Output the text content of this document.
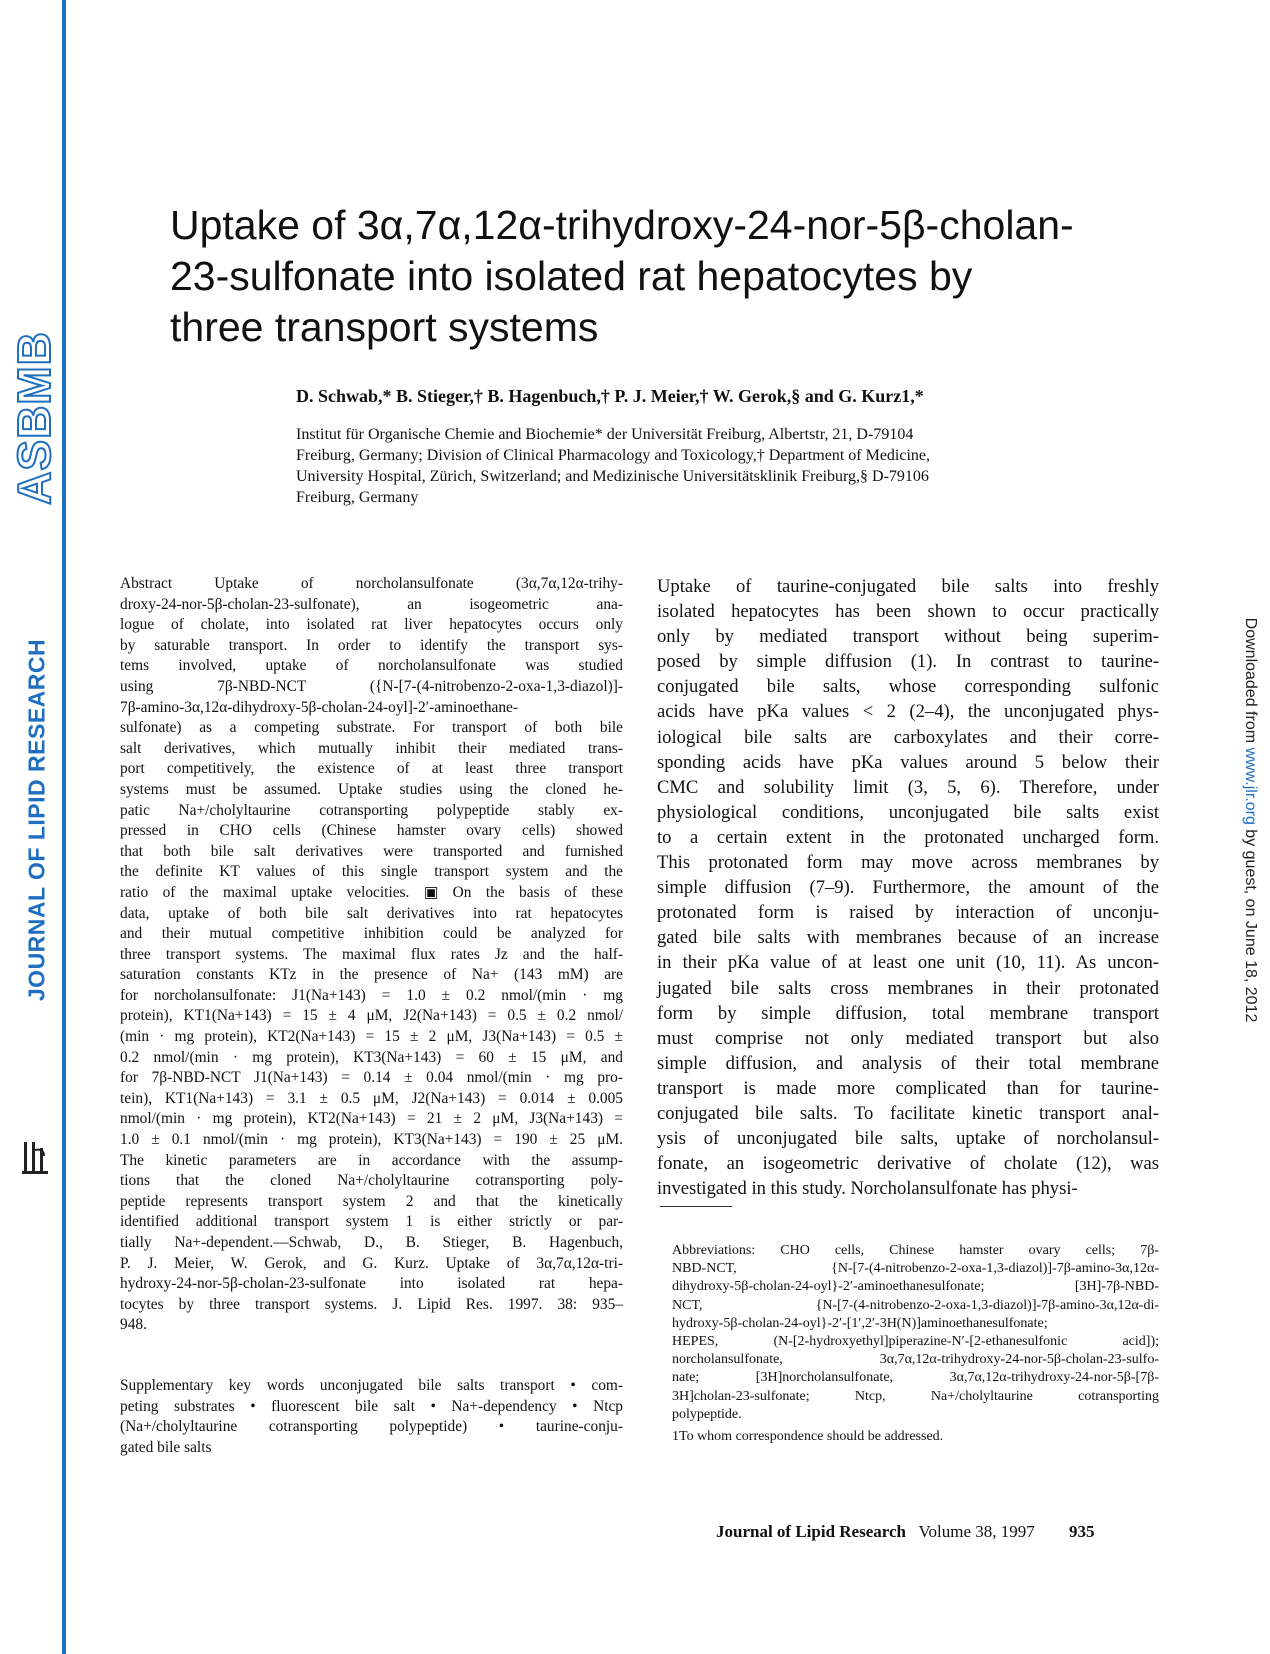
ASBMB
JOURNAL OF LIPID RESEARCH	Downloaded from www.jlr.org by guest, on June 18, 2012
Uptake of 3α,7α,12α-trihydroxy-24-nor-5β-cholan-
23-sulfonate into isolated rat hepatocytes by
three transport systems
D. Schwab,* B. Stieger,† B. Hagenbuch,† P. J. Meier,† W. Gerok,§ and G. Kurz1,*
Institut für Organische Chemie and Biochemie* der Universität Freiburg, Albertstr, 21, D-79104
Freiburg, Germany; Division of Clinical Pharmacology and Toxicology,† Department of Medicine,
University Hospital, Zürich, Switzerland; and Medizinische Universitätsklinik Freiburg,§ D-79106
Freiburg, Germany
Abstract Uptake of norcholansulfonate (3α,7α,12α-trihy-
droxy-24-nor-5β-cholan-23-sulfonate), an isogeometric ana-
logue of cholate, into isolated rat liver hepatocytes occurs only
by saturable transport. In order to identify the transport sys-
tems involved, uptake of norcholansulfonate was studied
using 7β-NBD-NCT ({N-[7-(4-nitrobenzo-2-oxa-1,3-diazol)]-
7β-amino-3α,12α-dihydroxy-5β-cholan-24-oyl]-2′-aminoethane-
sulfonate) as a competing substrate. For transport of both bile
salt derivatives, which mutually inhibit their mediated trans-
port competitively, the existence of at least three transport
systems must be assumed. Uptake studies using the cloned he-
patic Na+/cholyltaurine cotransporting polypeptide stably ex-
pressed in CHO cells (Chinese hamster ovary cells) showed
that both bile salt derivatives were transported and furnished
the definite KT values of this single transport system and the
ratio of the maximal uptake velocities. ▣ On the basis of these
data, uptake of both bile salt derivatives into rat hepatocytes
and their mutual competitive inhibition could be analyzed for
three transport systems. The maximal flux rates Jz and the half-
saturation constants KTz in the presence of Na+ (143 mM) are
for norcholansulfonate: J1(Na+143) = 1.0 ± 0.2 nmol/(min · mg
protein), KT1(Na+143) = 15 ± 4 μM, J2(Na+143) = 0.5 ± 0.2 nmol/
(min · mg protein), KT2(Na+143) = 15 ± 2 μM, J3(Na+143) = 0.5 ±
0.2 nmol/(min · mg protein), KT3(Na+143) = 60 ± 15 μM, and
for 7β-NBD-NCT J1(Na+143) = 0.14 ± 0.04 nmol/(min · mg pro-
tein), KT1(Na+143) = 3.1 ± 0.5 μM, J2(Na+143) = 0.014 ± 0.005
nmol/(min · mg protein), KT2(Na+143) = 21 ± 2 μM, J3(Na+143) =
1.0 ± 0.1 nmol/(min · mg protein), KT3(Na+143) = 190 ± 25 μM.
The kinetic parameters are in accordance with the assump-
tions that the cloned Na+/cholyltaurine cotransporting poly-
peptide represents transport system 2 and that the kinetically
identified additional transport system 1 is either strictly or par-
tially Na+-dependent.—Schwab, D., B. Stieger, B. Hagenbuch,
P. J. Meier, W. Gerok, and G. Kurz. Uptake of 3α,7α,12α-tri-
hydroxy-24-nor-5β-cholan-23-sulfonate into isolated rat hepa-
tocytes by three transport systems. J. Lipid Res. 1997. 38: 935–
948.
Supplementary key words unconjugated bile salts transport • com-
peting substrates • fluorescent bile salt • Na+-dependency • Ntcp
(Na+/cholyltaurine cotransporting polypeptide) • taurine-conju-
gated bile salts
Uptake of taurine-conjugated bile salts into freshly
isolated hepatocytes has been shown to occur practically
only by mediated transport without being superim-
posed by simple diffusion (1). In contrast to taurine-
conjugated bile salts, whose corresponding sulfonic
acids have pKa values < 2 (2–4), the unconjugated phys-
iological bile salts are carboxylates and their corre-
sponding acids have pKa values around 5 below their
CMC and solubility limit (3, 5, 6). Therefore, under
physiological conditions, unconjugated bile salts exist
to a certain extent in the protonated uncharged form.
This protonated form may move across membranes by
simple diffusion (7–9). Furthermore, the amount of the
protonated form is raised by interaction of unconju-
gated bile salts with membranes because of an increase
in their pKa value of at least one unit (10, 11). As uncon-
jugated bile salts cross membranes in their protonated
form by simple diffusion, total membrane transport
must comprise not only mediated transport but also
simple diffusion, and analysis of their total membrane
transport is made more complicated than for taurine-
conjugated bile salts. To facilitate kinetic transport anal-
ysis of unconjugated bile salts, uptake of norcholansul-
fonate, an isogeometric derivative of cholate (12), was
investigated in this study. Norcholansulfonate has physi-
Abbreviations: CHO cells, Chinese hamster ovary cells; 7β-
NBD-NCT, {N-[7-(4-nitrobenzo-2-oxa-1,3-diazol)]-7β-amino-3α,12α-
dihydroxy-5β-cholan-24-oyl}-2′-aminoethanesulfonate; [3H]-7β-NBD-
NCT, {N-[7-(4-nitrobenzo-2-oxa-1,3-diazol)]-7β-amino-3α,12α-di-
hydroxy-5β-cholan-24-oyl}-2′-[1′,2′-3H(N)]aminoethanesulfonate;
HEPES, (N-[2-hydroxyethyl]piperazine-N′-[2-ethanesulfonic acid]);
norcholansulfonate, 3α,7α,12α-trihydroxy-24-nor-5β-cholan-23-sulfo-
nate; [3H]norcholansulfonate, 3α,7α,12α-trihydroxy-24-nor-5β-[7β-
3H]cholan-23-sulfonate; Ntcp, Na+/cholyltaurine cotransporting
polypeptide.
1To whom correspondence should be addressed.
Journal of Lipid Research Volume 38, 1997 935
